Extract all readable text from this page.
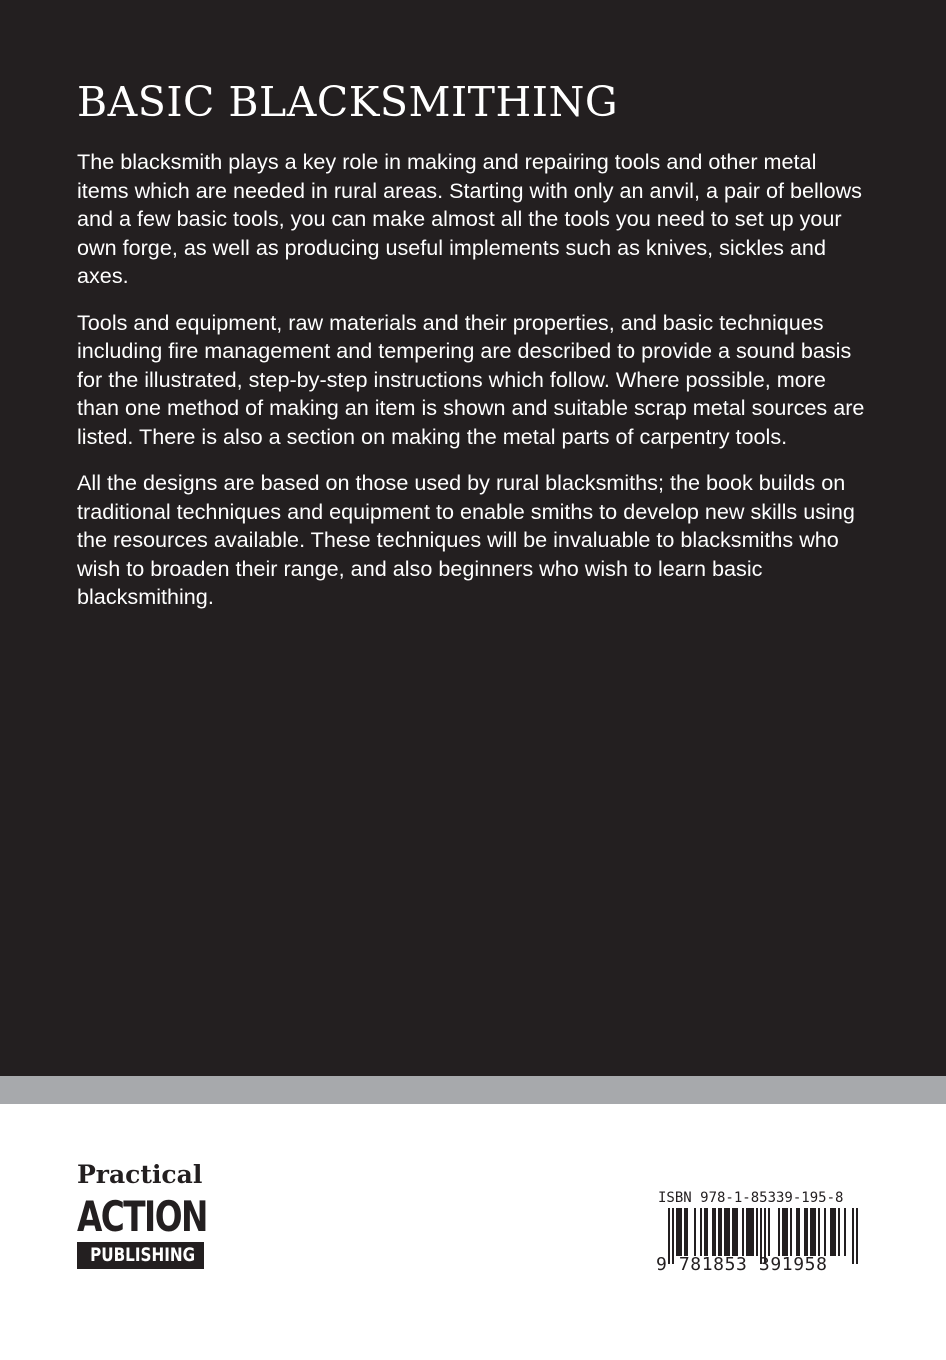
BASIC BLACKSMITHING

The blacksmith plays a key role in making and repairing tools and other metal items which are needed in rural areas. Starting with only an anvil, a pair of bellows and a few basic tools, you can make almost all the tools you need to set up your own forge, as well as producing useful implements such as knives, sickles and axes.

Tools and equipment, raw materials and their properties, and basic techniques including fire management and tempering are described to provide a sound basis for the illustrated, step-by-step instructions which follow. Where possible, more than one method of making an item is shown and suitable scrap metal sources are listed. There is also a section on making the metal parts of carpentry tools.

All the designs are based on those used by rural blacksmiths; the book builds on traditional techniques and equipment to enable smiths to develop new skills using the resources available. These techniques will be invaluable to blacksmiths who wish to broaden their range, and also beginners who wish to learn basic blacksmithing.

Practical
ACTION
PUBLISHING
ISBN 978-1-85339-195-8
9 781853 391958
